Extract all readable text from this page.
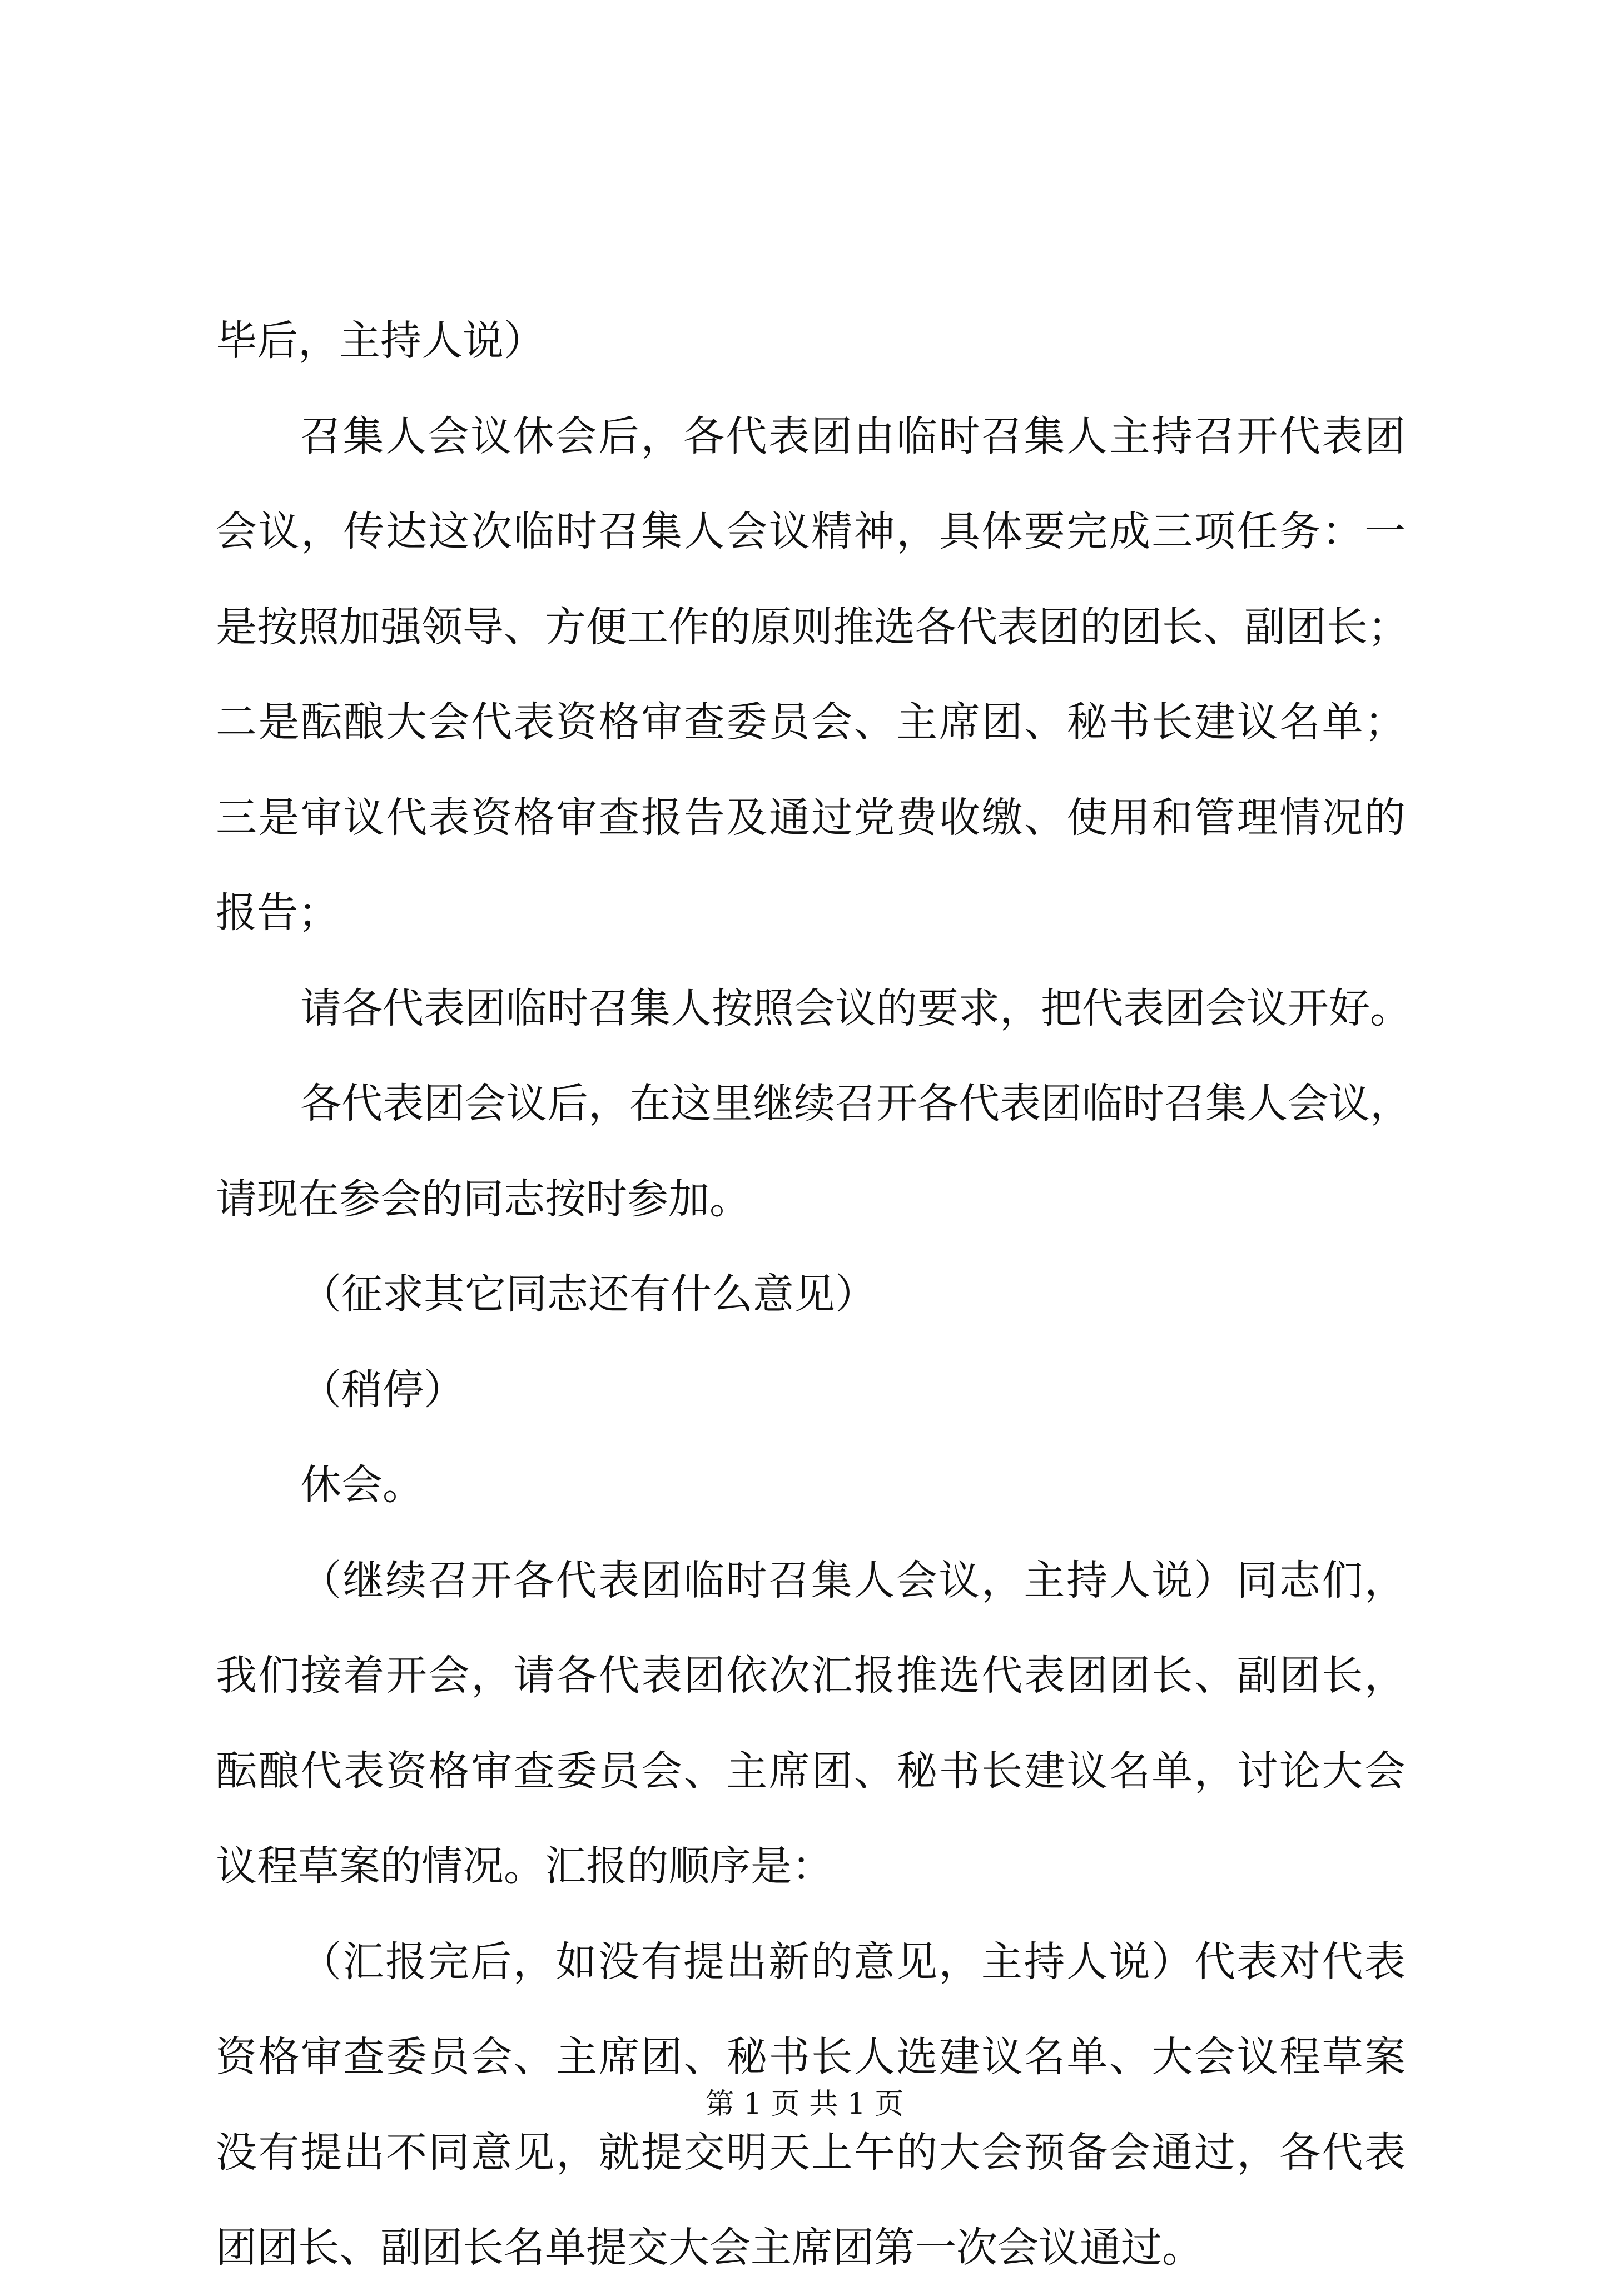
毕后，主持人说）
召集人会议休会后，各代表团由临时召集人主持召开代表团
会议，传达这次临时召集人会议精神，具体要完成三项任务：一
是按照加强领导、方便工作的原则推选各代表团的团长、副团长；
二是酝酿大会代表资格审查委员会、主席团、秘书长建议名单；
三是审议代表资格审查报告及通过党费收缴、使用和管理情况的
报告；
请各代表团临时召集人按照会议的要求，把代表团会议开好。
各代表团会议后，在这里继续召开各代表团临时召集人会议，
请现在参会的同志按时参加。
（征求其它同志还有什么意见）
（稍停）
休会。
（继续召开各代表团临时召集人会议，主持人说）同志们，
我们接着开会，请各代表团依次汇报推选代表团团长、副团长，
酝酿代表资格审查委员会、主席团、秘书长建议名单，讨论大会
议程草案的情况。汇报的顺序是：
（汇报完后，如没有提出新的意见，主持人说）代表对代表
资格审查委员会、主席团、秘书长人选建议名单、大会议程草案
没有提出不同意见，就提交明天上午的大会预备会通过，各代表
团团长、副团长名单提交大会主席团第一次会议通过。
第 1 页 共 1 页
